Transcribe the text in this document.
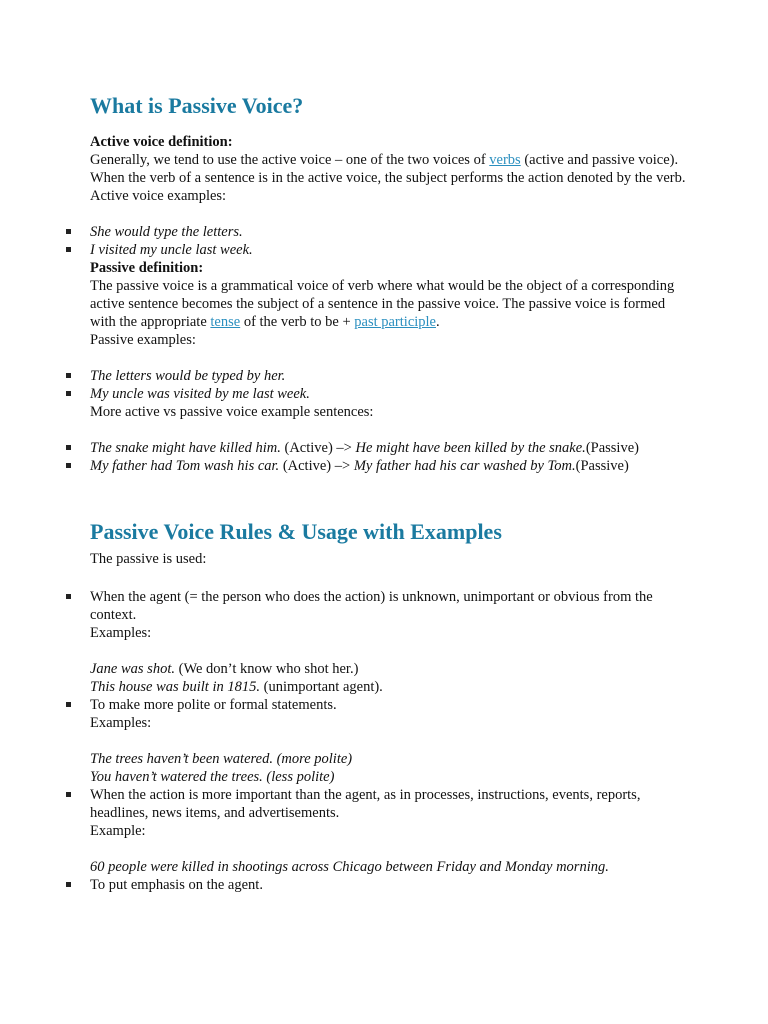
What is Passive Voice?

Active voice definition:

Generally, we tend to use the active voice – one of the two voices of verbs (active and passive voice). When the verb of a sentence is in the active voice, the subject performs the action denoted by the verb.

Active voice examples:

She would type the letters.
I visited my uncle last week.

Passive definition:

The passive voice is a grammatical voice of verb where what would be the object of a corresponding active sentence becomes the subject of a sentence in the passive voice. The passive voice is formed with the appropriate tense of the verb to be + past participle.

Passive examples:

The letters would be typed by her.
My uncle was visited by me last week.

More active vs passive voice example sentences:

The snake might have killed him. (Active) –> He might have been killed by the snake.(Passive)
My father had Tom wash his car. (Active) –> My father had his car washed by Tom.(Passive)
Passive Voice Rules & Usage with Examples

The passive is used:

When the agent (= the person who does the action) is unknown, unimportant or obvious from the context.

Examples:

Jane was shot. (We don’t know who shot her.)

This house was built in 1815. (unimportant agent).

To make more polite or formal statements.

Examples:

The trees haven’t been watered. (more polite)

You haven’t watered the trees. (less polite)

When the action is more important than the agent, as in processes, instructions, events, reports, headlines, news items, and advertisements.

Example:

60 people were killed in shootings across Chicago between Friday and Monday morning.

To put emphasis on the agent.
